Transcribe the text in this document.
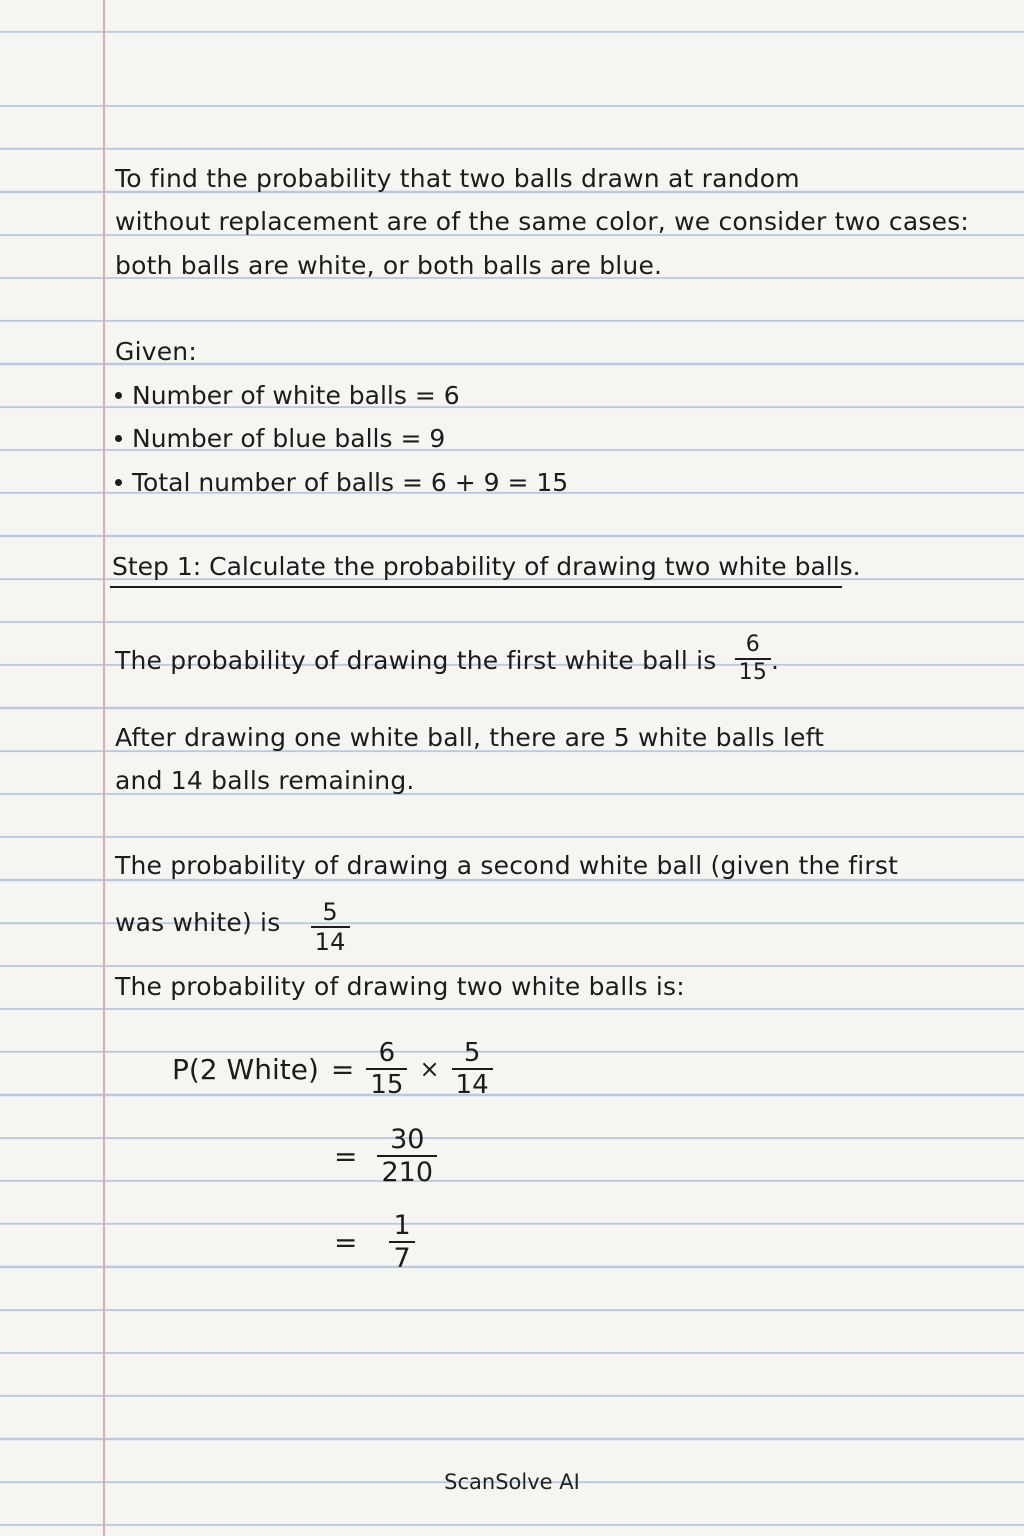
To find the probability that two balls drawn at random
without replacement are of the same color, we consider two cases:
both balls are white, or both balls are blue.
Given:
Number of white balls = 6
Number of blue balls = 9
Total number of balls = 6 + 9 = 15
Step 1: Calculate the probability of drawing two white balls.
The probability of drawing the first white ball is $\frac{6}{15}$ .
After drawing one white ball, there are 5 white balls left
and 14 balls remaining.
The probability of drawing a second white ball (given the first
was white) is $\frac{5}{14}$
The probability of drawing two white balls is:
P(2 White) = $\frac{6}{15} \times \frac{5}{14}$
= $\frac{30}{210}$
= $\frac{1}{7}$
ScanSolve AI
